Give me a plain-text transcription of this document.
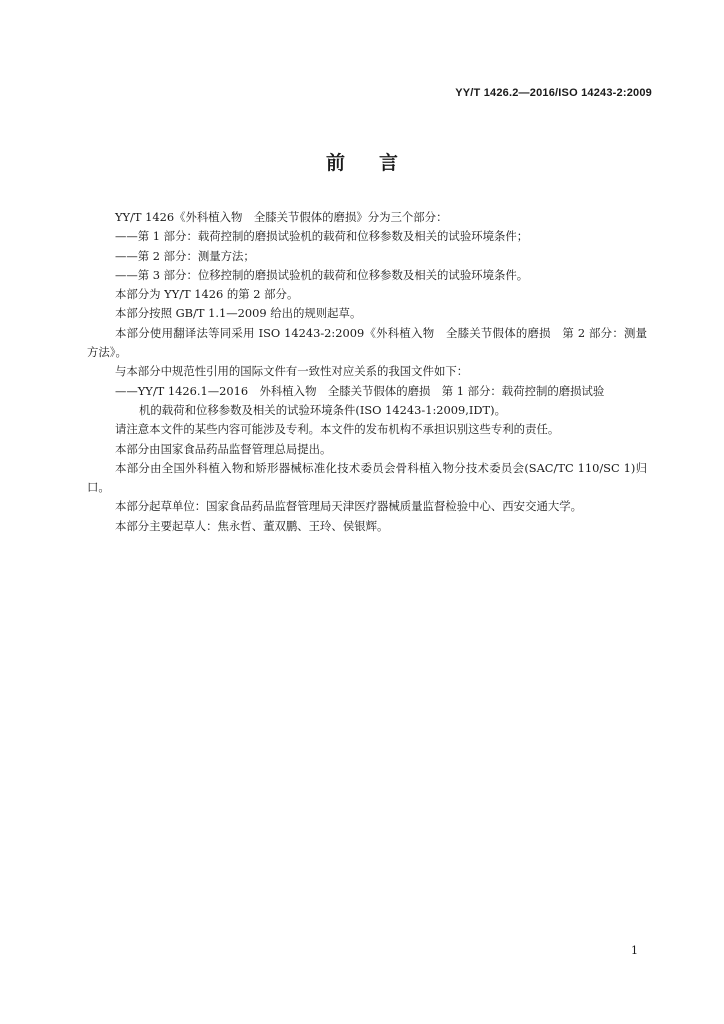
YY/T 1426.2—2016/ISO 14243-2:2009
前言

YY/T 1426《外科植入物　全膝关节假体的磨损》分为三个部分：

——第 1 部分：载荷控制的磨损试验机的载荷和位移参数及相关的试验环境条件；

——第 2 部分：测量方法；

——第 3 部分：位移控制的磨损试验机的载荷和位移参数及相关的试验环境条件。

本部分为 YY/T 1426 的第 2 部分。

本部分按照 GB/T 1.1—2009 给出的规则起草。

本部分使用翻译法等同采用 ISO 14243-2:2009《外科植入物　全膝关节假体的磨损　第 2 部分：测量方法》。

与本部分中规范性引用的国际文件有一致性对应关系的我国文件如下：

——YY/T 1426.1—2016　外科植入物　全膝关节假体的磨损　第 1 部分：载荷控制的磨损试验

机的载荷和位移参数及相关的试验环境条件(ISO 14243-1:2009,IDT)。

请注意本文件的某些内容可能涉及专利。本文件的发布机构不承担识别这些专利的责任。

本部分由国家食品药品监督管理总局提出。

本部分由全国外科植入物和矫形器械标准化技术委员会骨科植入物分技术委员会(SAC/TC 110/SC 1)归口。

本部分起草单位：国家食品药品监督管理局天津医疗器械质量监督检验中心、西安交通大学。

本部分主要起草人：焦永哲、董双鹏、王玲、侯银辉。

1
